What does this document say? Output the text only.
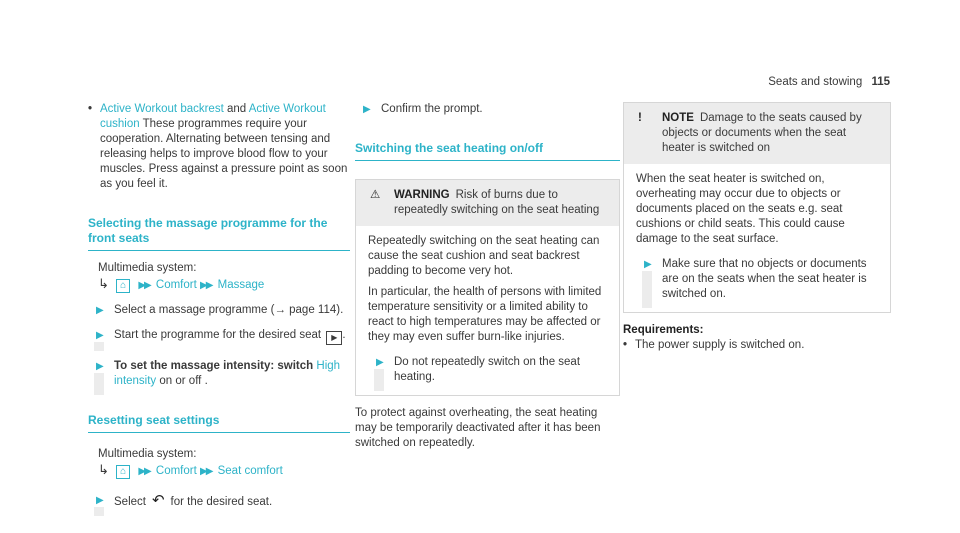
Seats and stowing 115
• Active Workout backrest and Active Workout cushion These programmes require your cooperation. Alternating between tensing and releasing helps to improve blood flow to your muscles. Press against a pressure point as soon as you feel it.
Selecting the massage programme for the front seats
Multimedia system:
↳ ⌂ ▶▶ Comfort ▶▶ Massage
▶ Select a massage programme (→ page 114).
▶ Start the programme for the desired seat ▶ .
▶ To set the massage intensity: switch High intensity on or off .
Resetting seat settings
Multimedia system:
↳ ⌂ ▶▶ Comfort ▶▶ Seat comfort
▶ Select ↶ for the desired seat.
▶ Confirm the prompt.
Switching the seat heating on/off
⚠ WARNING Risk of burns due to repeatedly switching on the seat heating
Repeatedly switching on the seat heating can cause the seat cushion and seat backrest padding to become very hot.
In particular, the health of persons with limited temperature sensitivity or a limited ability to react to high temperatures may be affected or they may even suffer burn-like injuries.
▶ Do not repeatedly switch on the seat heating.
To protect against overheating, the seat heating may be temporarily deactivated after it has been switched on repeatedly.
! NOTE Damage to the seats caused by objects or documents when the seat heater is switched on
When the seat heater is switched on, overheating may occur due to objects or documents placed on the seats e.g. seat cushions or child seats. This could cause damage to the seat surface.
▶ Make sure that no objects or documents are on the seats when the seat heater is switched on.
Requirements:
• The power supply is switched on.
